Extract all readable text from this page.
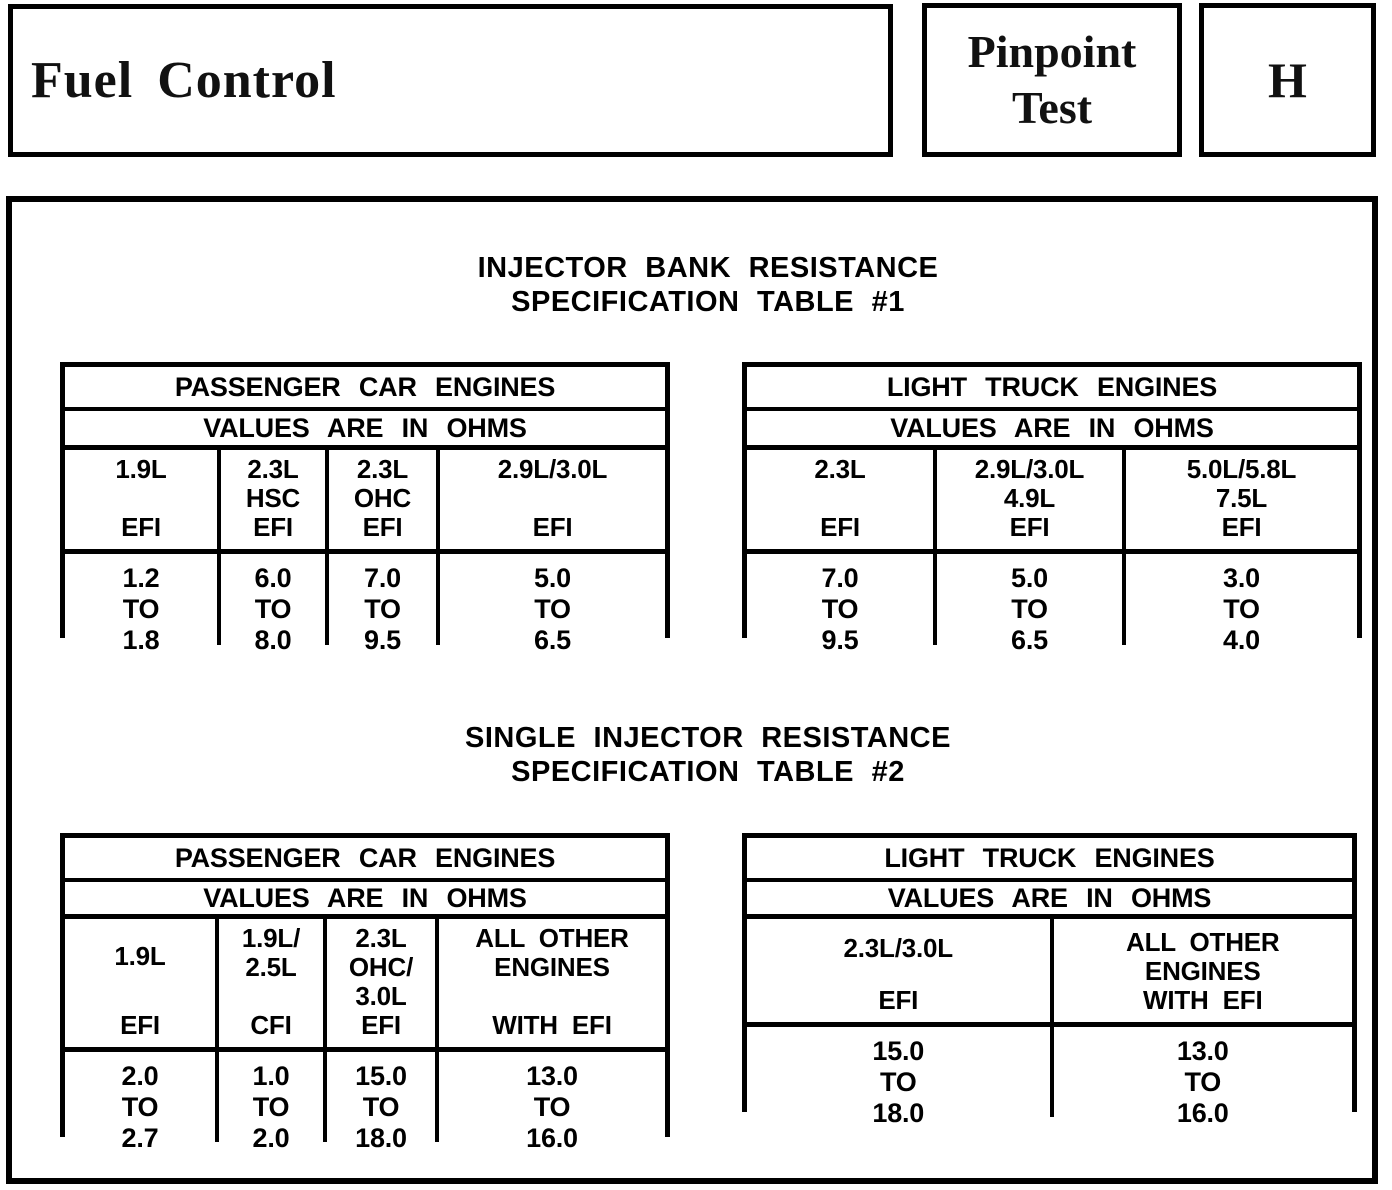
Fuel Control
Pinpoint
Test	H
INJECTOR BANK RESISTANCE
SPECIFICATION TABLE #1
PASSENGER CAR ENGINES
VALUES ARE IN OHMS
1.9L
EFI
2.3L
HSC
EFI
2.3L
OHC
EFI
2.9L/3.0L
EFI
1.2
TO
1.8
6.0
TO
8.0
7.0
TO
9.5
5.0
TO
6.5
LIGHT TRUCK ENGINES
VALUES ARE IN OHMS
2.3L
EFI
2.9L/3.0L
4.9L
EFI
5.0L/5.8L
7.5L
EFI
7.0
TO
9.5
5.0
TO
6.5
3.0
TO
4.0
SINGLE INJECTOR RESISTANCE
SPECIFICATION TABLE #2
PASSENGER CAR ENGINES
VALUES ARE IN OHMS
1.9L
EFI
1.9L/
2.5L
CFI
2.3L
OHC/
3.0L
EFI
ALL OTHER
ENGINES
WITH EFI
2.0
TO
2.7
1.0
TO
2.0
15.0
TO
18.0
13.0
TO
16.0
LIGHT TRUCK ENGINES
VALUES ARE IN OHMS
2.3L/3.0L
EFI
ALL OTHER
ENGINES
WITH EFI
15.0
TO
18.0
13.0
TO
16.0
